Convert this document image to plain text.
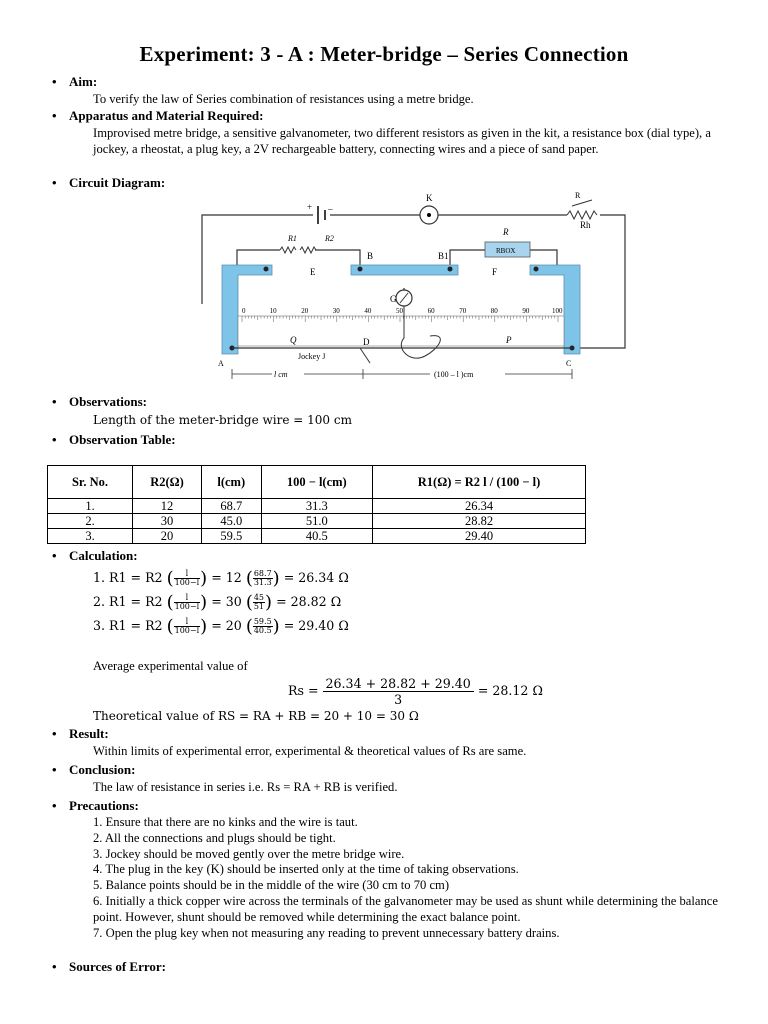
Experiment: 3 - A : Meter-bridge – Series Connection
• Aim:
To verify the law of Series combination of resistances using a metre bridge.
• Apparatus and Material Required:
Improvised metre bridge, a sensitive galvanometer, two different resistors as given in the kit, a resistance box (dial type), a jockey, a rheostat, a plug key, a 2V rechargeable battery, connecting wires and a piece of sand paper.
• Circuit Diagram:
+ –
K	R
Rh
R1	R2
RBOX
R
B	B1
E	F
G
0	10	20	30	40	50	60	70	80	90	100
Q	D	P
Jockey J
A	C
l cm	(100 – l )cm
• Observations:
Length of the meter-bridge wire = 100 cm
• Observation Table:
Sr. No.	R2(Ω)	l(cm)	100 − l(cm)	R1(Ω) = R2 l / (100 − l)
1.	12	68.7	31.3	26.34
2.	30	45.0	51.0	28.82
3.	20	59.5	40.5	29.40
• Calculation:
1. R1 = R2 ( $\frac{l}{100-l}$ ) = 12 ( $\frac{68.7}{31.3}$ ) = 26.34 Ω
2. R1 = R2 ( $\frac{l}{100-l}$ ) = 30 ( $\frac{45}{51}$ ) = 28.82 Ω
3. R1 = R2 ( $\frac{l}{100-l}$ ) = 20 ( $\frac{59.5}{40.5}$ ) = 29.40 Ω
Average experimental value of
$Rs = \frac{26.34 + 28.82 + 29.40}{3} = 28.12$ Ω
Theoretical value of RS = RA + RB = 20 + 10 = 30 Ω
• Result:
Within limits of experimental error, experimental & theoretical values of Rs are same.
• Conclusion:
The law of resistance in series i.e. Rs = RA + RB is verified.
• Precautions:
1. Ensure that there are no kinks and the wire is taut.
2. All the connections and plugs should be tight.
3. Jockey should be moved gently over the metre bridge wire.
4. The plug in the key (K) should be inserted only at the time of taking observations.
5. Balance points should be in the middle of the wire (30 cm to 70 cm)
6. Initially a thick copper wire across the terminals of the galvanometer may be used as shunt while determining the balance point. However, shunt should be removed while determining the exact balance point.
7. Open the plug key when not measuring any reading to prevent unnecessary battery drains.
• Sources of Error:
